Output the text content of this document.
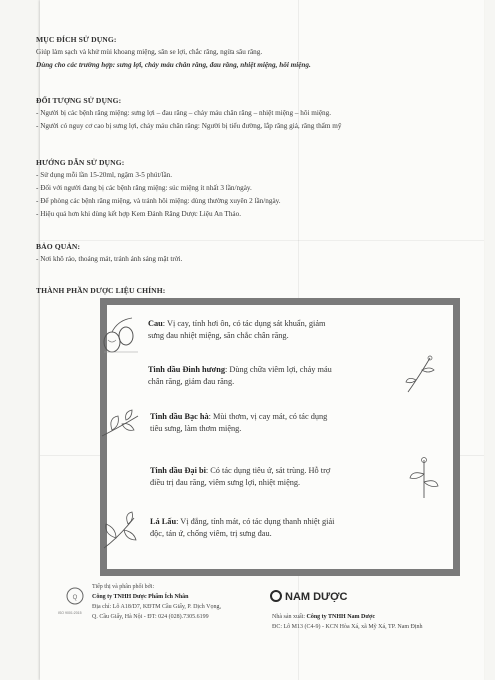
MỤC ĐÍCH SỬ DỤNG:
Giúp làm sạch và khử mùi khoang miệng, săn se lợi, chắc răng, ngừa sâu răng.
Dùng cho các trường hợp: sưng lợi, chảy máu chân răng, đau răng, nhiệt miệng, hôi miệng.
ĐỐI TƯỢNG SỬ DỤNG:
- Người bị các bệnh răng miệng: sưng lợi – đau răng – chảy máu chân răng – nhiệt miệng – hôi miệng.
- Người có nguy cơ cao bị sưng lợi, chảy máu chân răng: Người bị tiểu đường, lắp răng giả, răng thẩm mỹ
HƯỚNG DẪN SỬ DỤNG:
- Sử dụng mỗi lần 15-20ml, ngậm 3-5 phút/lần.
- Đối với người đang bị các bệnh răng miệng: súc miệng ít nhất 3 lần/ngày.
- Để phòng các bệnh răng miệng, và tránh hôi miệng: dùng thường xuyên 2 lần/ngày.
- Hiệu quả hơn khi dùng kết hợp Kem Đánh Răng Dược Liệu An Thảo.
BẢO QUẢN:
- Nơi khô ráo, thoáng mát, tránh ánh sáng mặt trời.
THÀNH PHẦN DƯỢC LIỆU CHÍNH:
Cau: Vị cay, tính hơi ôn, có tác dụng sát khuẩn, giảm
sưng đau nhiệt miệng, săn chắc chân răng.
Tinh dầu Đinh hương: Dùng chữa viêm lợi, chảy máu
chân răng, giảm đau răng.
Tinh dầu Bạc hà: Mùi thơm, vị cay mát, có tác dụng
tiêu sưng, làm thơm miệng.
Tinh dầu Đại bi: Có tác dụng tiêu ứ, sát trùng. Hỗ trợ
điều trị đau răng, viêm sưng lợi, nhiệt miệng.
Lá Lấu: Vị đắng, tính mát, có tác dụng thanh nhiệt giải
độc, tán ứ, chống viêm, trị sưng đau.
Q
ISO 9001:2015
Tiếp thị và phân phối bởi:
Công ty TNHH Dược Phẩm Ích Nhân
Địa chỉ: Lô A18/D7, KĐTM Cầu Giấy, P. Dịch Vọng,
Q. Cầu Giấy, Hà Nội - ĐT: 024 (028).7305.6199
NAM DƯỢC
Nhà sản xuất: Công ty TNHH Nam Dược
ĐC: Lô M13 (C4-9) - KCN Hòa Xá, xã Mỹ Xá, TP. Nam Định
